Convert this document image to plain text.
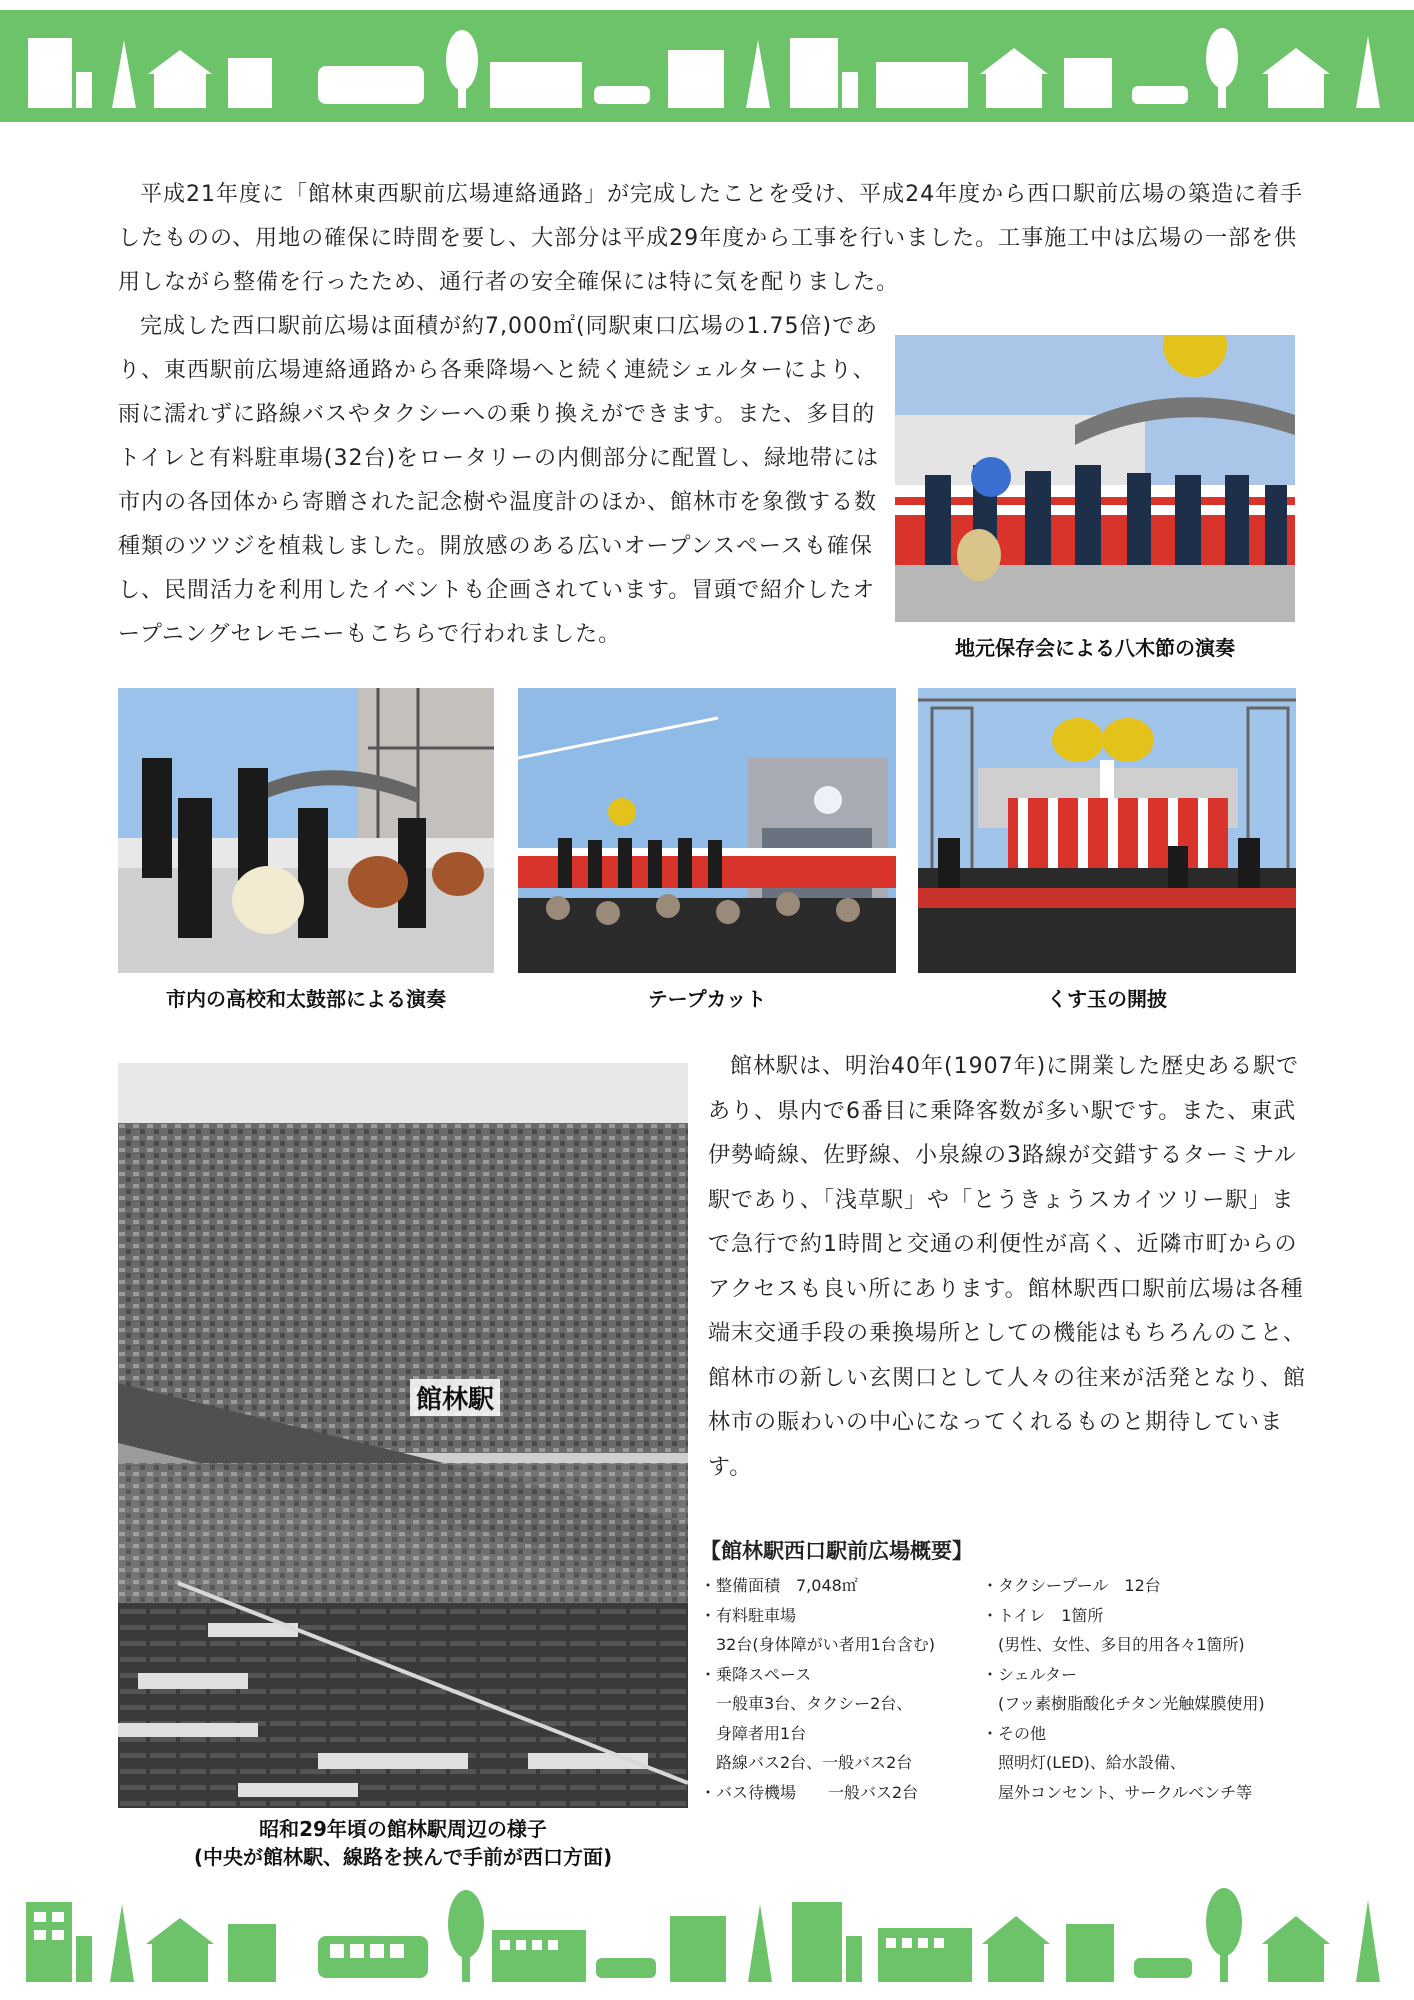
平成21年度に「館林東西駅前広場連絡通路」が完成したことを受け、平成24年度から西口駅前広場の築造に着手したものの、用地の確保に時間を要し、大部分は平成29年度から工事を行いました。工事施工中は広場の一部を供用しながら整備を行ったため、通行者の安全確保には特に気を配りました。

完成した西口駅前広場は面積が約7,000㎡(同駅東口広場の1.75倍)であり、東西駅前広場連絡通路から各乗降場へと続く連続シェルターにより、雨に濡れずに路線バスやタクシーへの乗り換えができます。また、多目的トイレと有料駐車場(32台)をロータリーの内側部分に配置し、緑地帯には市内の各団体から寄贈された記念樹や温度計のほか、館林市を象徴する数種類のツツジを植栽しました。開放感のある広いオープンスペースも確保し、民間活力を利用したイベントも企画されています。冒頭で紹介したオープニングセレモニーもこちらで行われました。

地元保存会による八木節の演奏
市内の高校和太鼓部による演奏	テープカット	くす玉の開披
館林駅
昭和29年頃の館林駅周辺の様子
(中央が館林駅、線路を挟んで手前が西口方面)

館林駅は、明治40年(1907年)に開業した歴史ある駅であり、県内で6番目に乗降客数が多い駅です。また、東武伊勢崎線、佐野線、小泉線の3路線が交錯するターミナル駅であり、「浅草駅」や「とうきょうスカイツリー駅」まで急行で約1時間と交通の利便性が高く、近隣市町からのアクセスも良い所にあります。館林駅西口駅前広場は各種端末交通手段の乗換場所としての機能はもちろんのこと、館林市の新しい玄関口として人々の往来が活発となり、館林市の賑わいの中心になってくれるものと期待しています。

【館林駅西口駅前広場概要】
・整備面積　7,048㎡
・有料駐車場
　32台(身体障がい者用1台含む)
・乗降スペース
　一般車3台、タクシー2台、
　身障者用1台
　路線バス2台、一般バス2台
・バス待機場　　一般バス2台
・タクシープール　12台
・トイレ　1箇所
　(男性、女性、多目的用各々1箇所)
・シェルター
　(フッ素樹脂酸化チタン光触媒膜使用)
・その他
　照明灯(LED)、給水設備、
　屋外コンセント、サークルベンチ等
